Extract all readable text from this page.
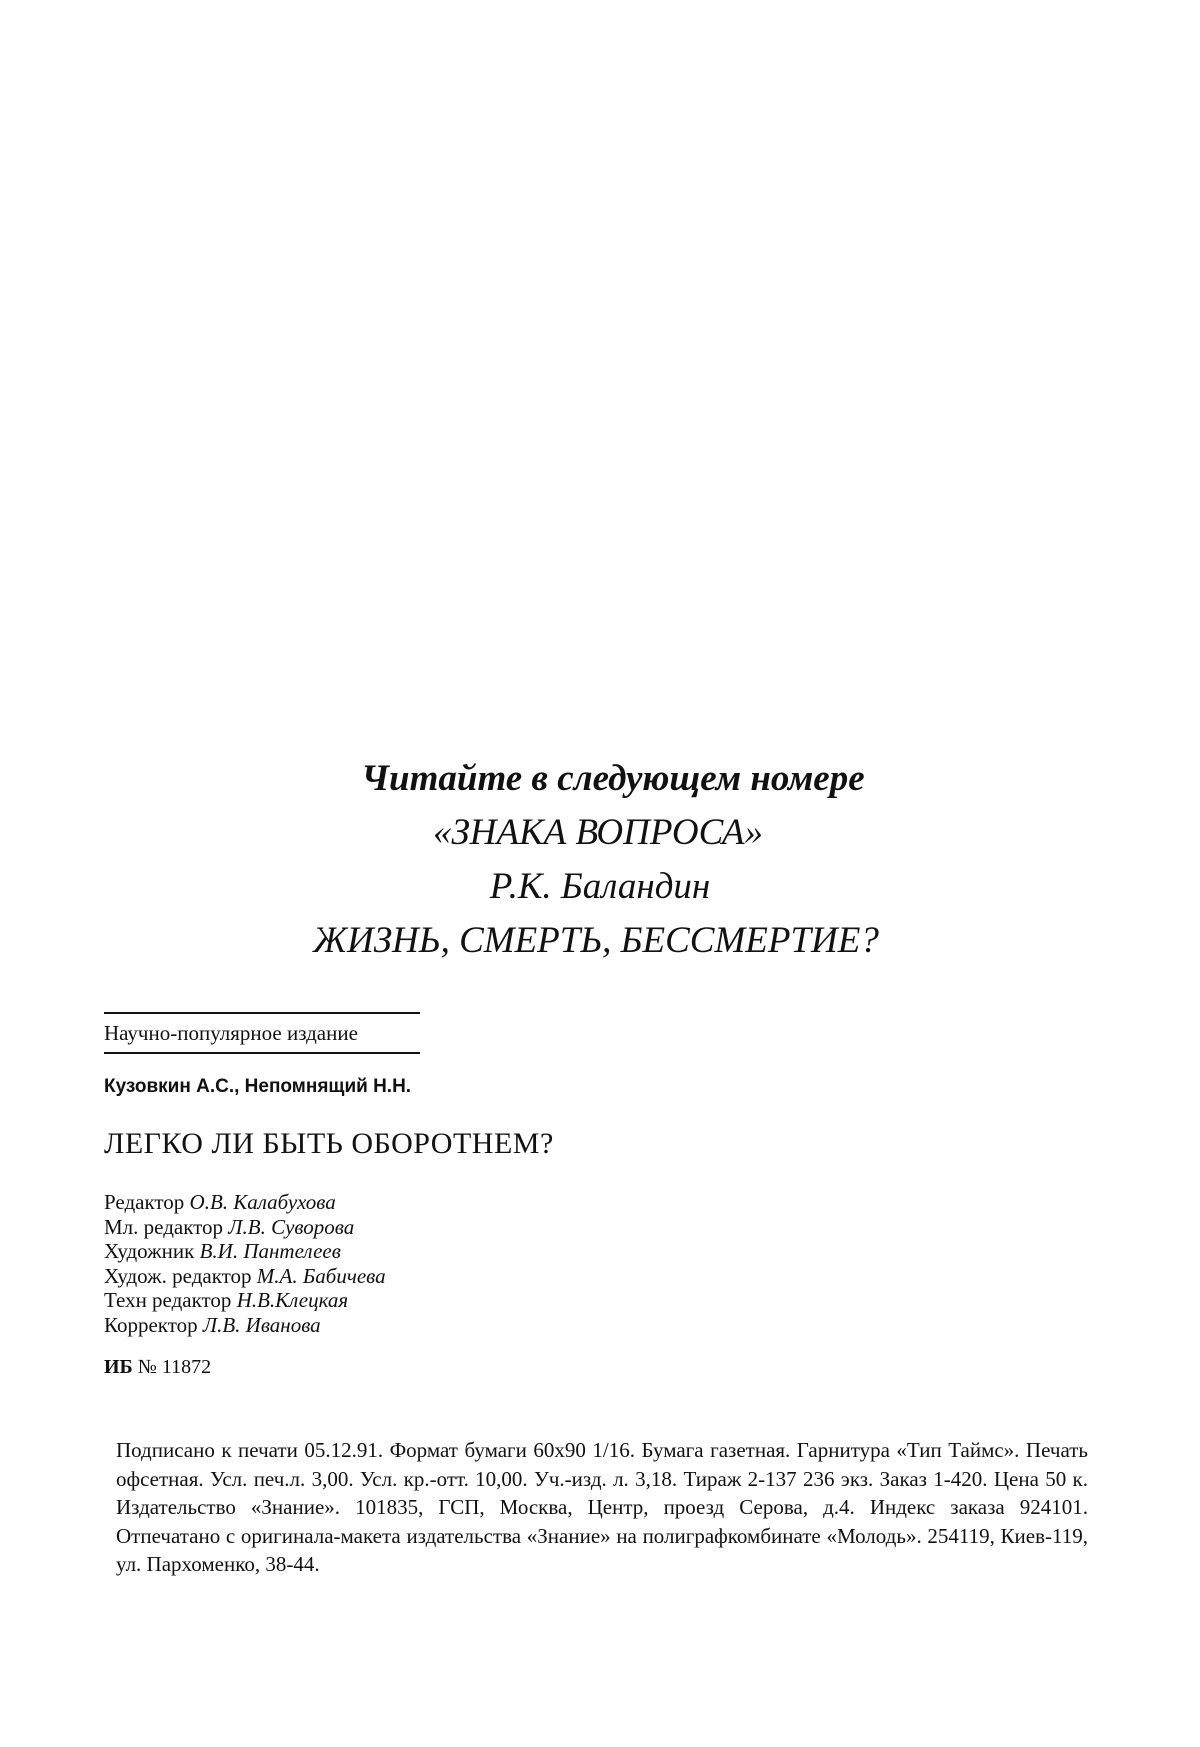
Читайте в следующем номере
«ЗНАКА ВОПРОСА»
Р.К. Баландин
ЖИЗНЬ, СМЕРТЬ, БЕССМЕРТИЕ?
Научно-популярное издание
Кузовкин А.С., Непомнящий Н.Н.
ЛЕГКО ЛИ БЫТЬ ОБОРОТНЕМ?
Редактор О.В. Калабухова
Мл. редактор Л.В. Суворова
Художник В.И. Пантелеев
Худож. редактор М.А. Бабичева
Техн редактор Н.В.Клецкая
Корректор Л.В. Иванова
ИБ № 11872
Подписано к печати 05.12.91. Формат бумаги 60х90 1/16. Бумага газетная. Гарнитура «Тип Таймс». Печать офсетная. Усл. печ.л. 3,00. Усл. кр.-отт. 10,00. Уч.-изд. л. 3,18. Тираж 2-137 236 экз. Заказ 1-420. Цена 50 к. Издательство «Знание». 101835, ГСП, Москва, Центр, проезд Серова, д.4. Индекс заказа 924101. Отпечатано с оригинала-макета издательства «Знание» на полиграфкомбинате «Молодь». 254119, Киев-119, ул. Пархоменко, 38-44.
